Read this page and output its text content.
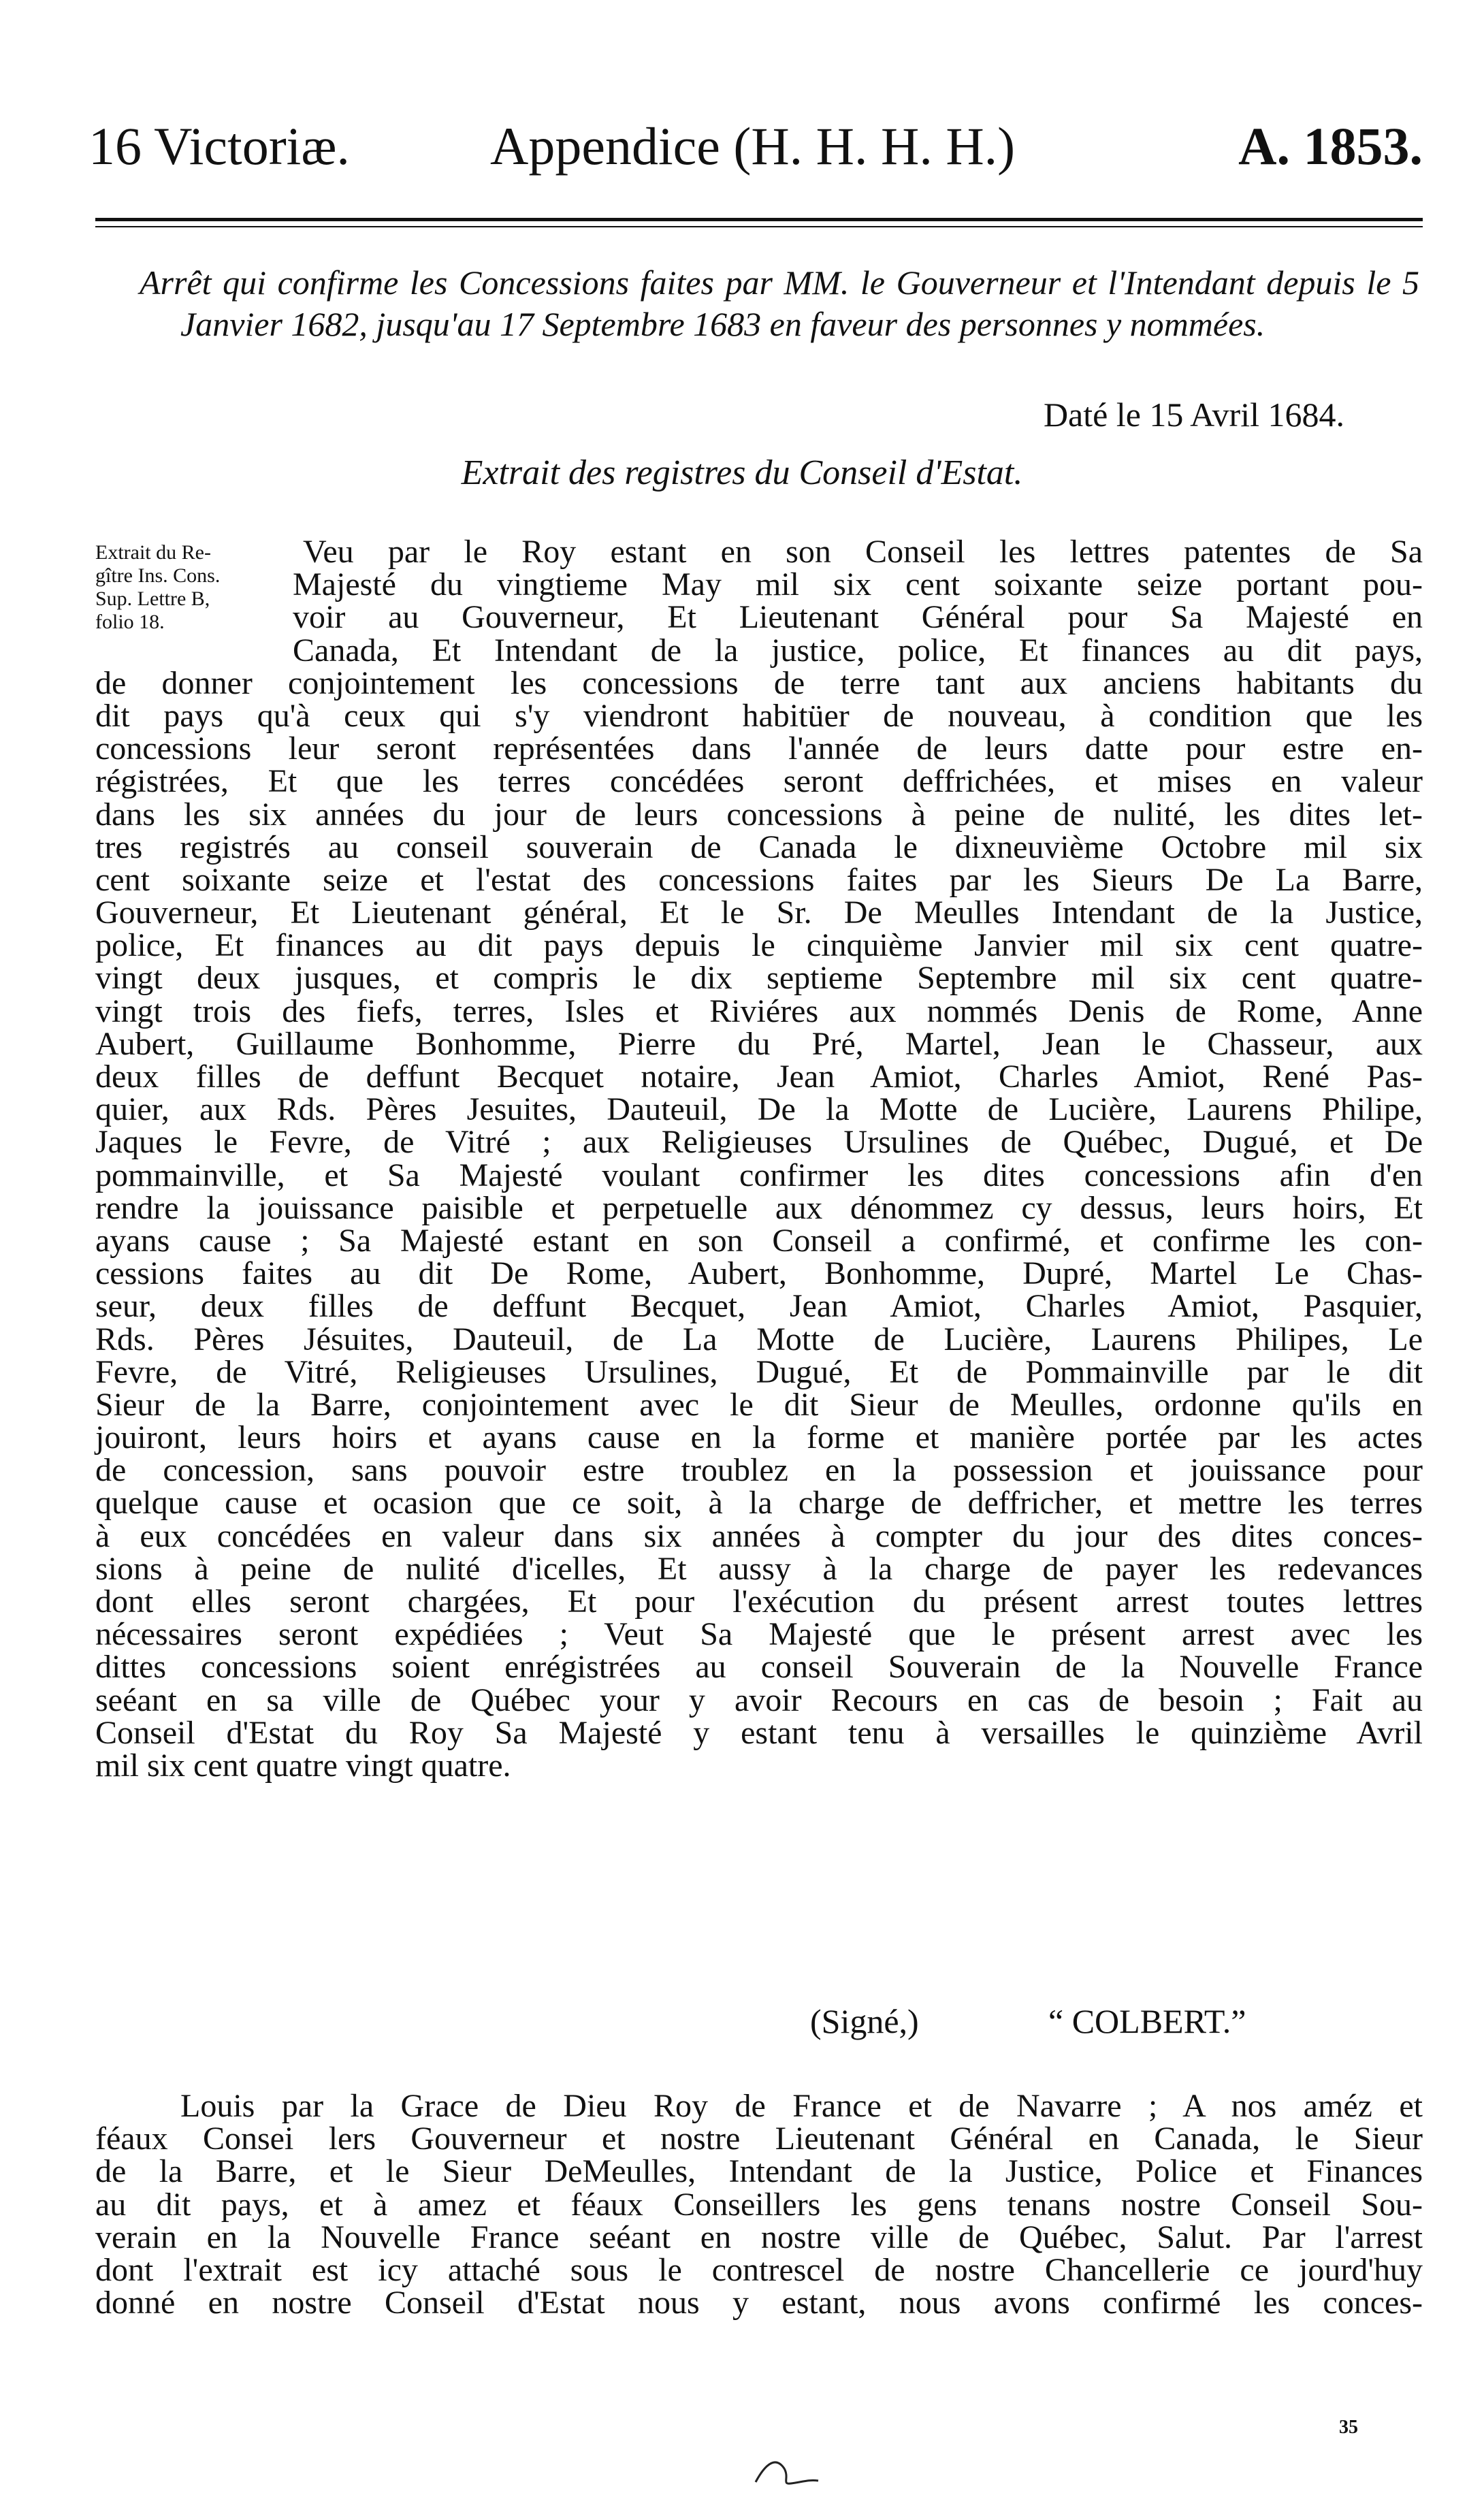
16 Victoriæ.	Appendice (H. H. H. H.)	A. 1853.
Arrêt qui confirme les Concessions faites par MM. le Gouverneur et l'Intendant depuis le 5 Janvier 1682, jusqu'au 17 Septembre 1683 en faveur des personnes y nommées.
Daté le 15 Avril 1684.
Extrait des registres du Conseil d'Estat.
Extrait du Re-
gître Ins. Cons.
Sup. Lettre B,
folio 18.
Veu par le Roy estant en son Conseil les lettres patentes de Sa
Majesté du vingtieme May mil six cent soixante seize portant pou-
voir au Gouverneur, Et Lieutenant Général pour Sa Majesté en
Canada, Et Intendant de la justice, police, Et finances au dit pays,
de donner conjointement les concessions de terre tant aux anciens habitants du
dit pays qu'à ceux qui s'y viendront habitüer de nouveau, à condition que les
concessions leur seront représentées dans l'année de leurs datte pour estre en-
régistrées, Et que les terres concédées seront deffrichées, et mises en valeur
dans les six années du jour de leurs concessions à peine de nulité, les dites let-
tres registrés au conseil souverain de Canada le dixneuvième Octobre mil six
cent soixante seize et l'estat des concessions faites par les Sieurs De La Barre,
Gouverneur, Et Lieutenant général, Et le Sr. De Meulles Intendant de la Justice,
police, Et finances au dit pays depuis le cinquième Janvier mil six cent quatre-
vingt deux jusques, et compris le dix septieme Septembre mil six cent quatre-
vingt trois des fiefs, terres, Isles et Riviéres aux nommés Denis de Rome, Anne
Aubert, Guillaume Bonhomme, Pierre du Pré, Martel, Jean le Chasseur, aux
deux filles de deffunt Becquet notaire, Jean Amiot, Charles Amiot, René Pas-
quier, aux Rds. Pères Jesuites, Dauteuil, De la Motte de Lucière, Laurens Philipe,
Jaques le Fevre, de Vitré ; aux Religieuses Ursulines de Québec, Dugué, et De
pommainville, et Sa Majesté voulant confirmer les dites concessions afin d'en
rendre la jouissance paisible et perpetuelle aux dénommez cy dessus, leurs hoirs, Et
ayans cause ; Sa Majesté estant en son Conseil a confirmé, et confirme les con-
cessions faites au dit De Rome, Aubert, Bonhomme, Dupré, Martel Le Chas-
seur, deux filles de deffunt Becquet, Jean Amiot, Charles Amiot, Pasquier,
Rds. Pères Jésuites, Dauteuil, de La Motte de Lucière, Laurens Philipes, Le
Fevre, de Vitré, Religieuses Ursulines, Dugué, Et de Pommainville par le dit
Sieur de la Barre, conjointement avec le dit Sieur de Meulles, ordonne qu'ils en
jouiront, leurs hoirs et ayans cause en la forme et manière portée par les actes
de concession, sans pouvoir estre troublez en la possession et jouissance pour
quelque cause et ocasion que ce soit, à la charge de deffricher, et mettre les terres
à eux concédées en valeur dans six années à compter du jour des dites conces-
sions à peine de nulité d'icelles, Et aussy à la charge de payer les redevances
dont elles seront chargées, Et pour l'exécution du présent arrest toutes lettres
nécessaires seront expédiées ; Veut Sa Majesté que le présent arrest avec les
dittes concessions soient enrégistrées au conseil Souverain de la Nouvelle France
seéant en sa ville de Québec your y avoir Recours en cas de besoin ; Fait au
Conseil d'Estat du Roy Sa Majesté y estant tenu à versailles le quinzième Avril
mil six cent quatre vingt quatre.
(Signé,)	“ COLBERT.”
Louis par la Grace de Dieu Roy de France et de Navarre ; A nos améz et
féaux Consei lers Gouverneur et nostre Lieutenant Général en Canada, le Sieur
de la Barre, et le Sieur DeMeulles, Intendant de la Justice, Police et Finances
au dit pays, et à amez et féaux Conseillers les gens tenans nostre Conseil Sou-
verain en la Nouvelle France seéant en nostre ville de Québec, Salut. Par l'arrest
dont l'extrait est icy attaché sous le contrescel de nostre Chancellerie ce jourd'huy
donné en nostre Conseil d'Estat nous y estant, nous avons confirmé les conces-
35
